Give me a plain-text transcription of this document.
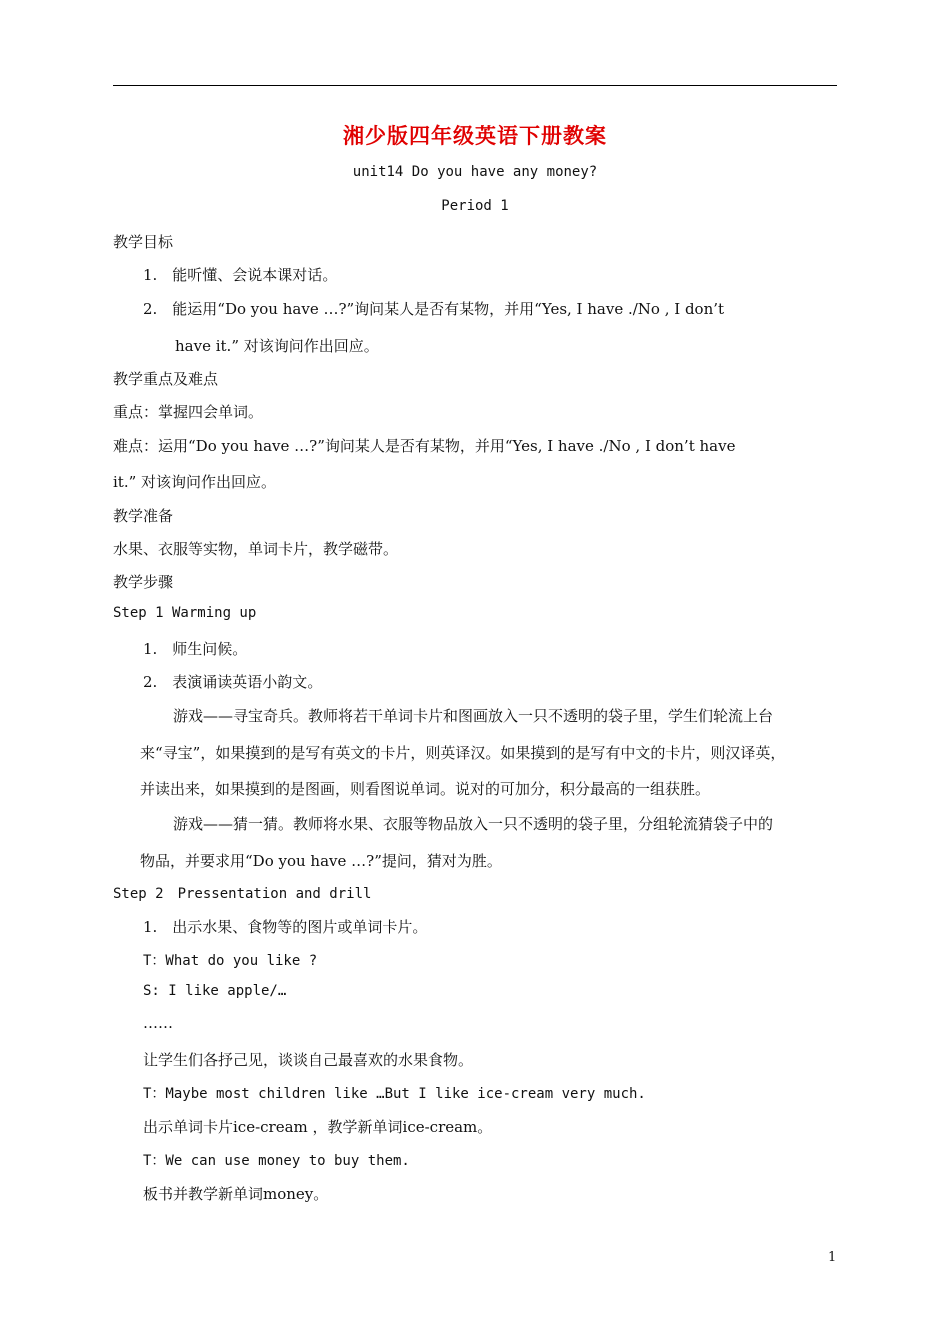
湘少版四年级英语下册教案
unit14 Do you have any money?
Period 1
教学目标
1.　能听懂、会说本课对话。
2.　能运用“Do you have …?”询问某人是否有某物，并用“Yes, I have ./No , I don’t
have it.” 对该询问作出回应。
教学重点及难点
重点：掌握四会单词。
难点：运用“Do you have …?”询问某人是否有某物，并用“Yes, I have ./No , I don’t have
it.” 对该询问作出回应。
教学准备
水果、衣服等实物，单词卡片，教学磁带。
教学步骤
Step 1 Warming up
1.　师生问候。
2.　表演诵读英语小韵文。
游戏——寻宝奇兵。教师将若干单词卡片和图画放入一只不透明的袋子里，学生们轮流上台
来“寻宝”，如果摸到的是写有英文的卡片，则英译汉。如果摸到的是写有中文的卡片，则汉译英，
并读出来，如果摸到的是图画，则看图说单词。说对的可加分，积分最高的一组获胜。
游戏——猜一猜。教师将水果、衣服等物品放入一只不透明的袋子里，分组轮流猜袋子中的
物品，并要求用“Do you have …?”提问，猜对为胜。
Step 2　Pressentation and drill
1.　出示水果、食物等的图片或单词卡片。
T：What do you like ?
S: I like apple/…
……
让学生们各抒己见，谈谈自己最喜欢的水果食物。
T：Maybe most children like …But I like ice-cream very much.
出示单词卡片ice-cream ，教学新单词ice-cream。
T：We can use money to buy them.
板书并教学新单词money。
1
